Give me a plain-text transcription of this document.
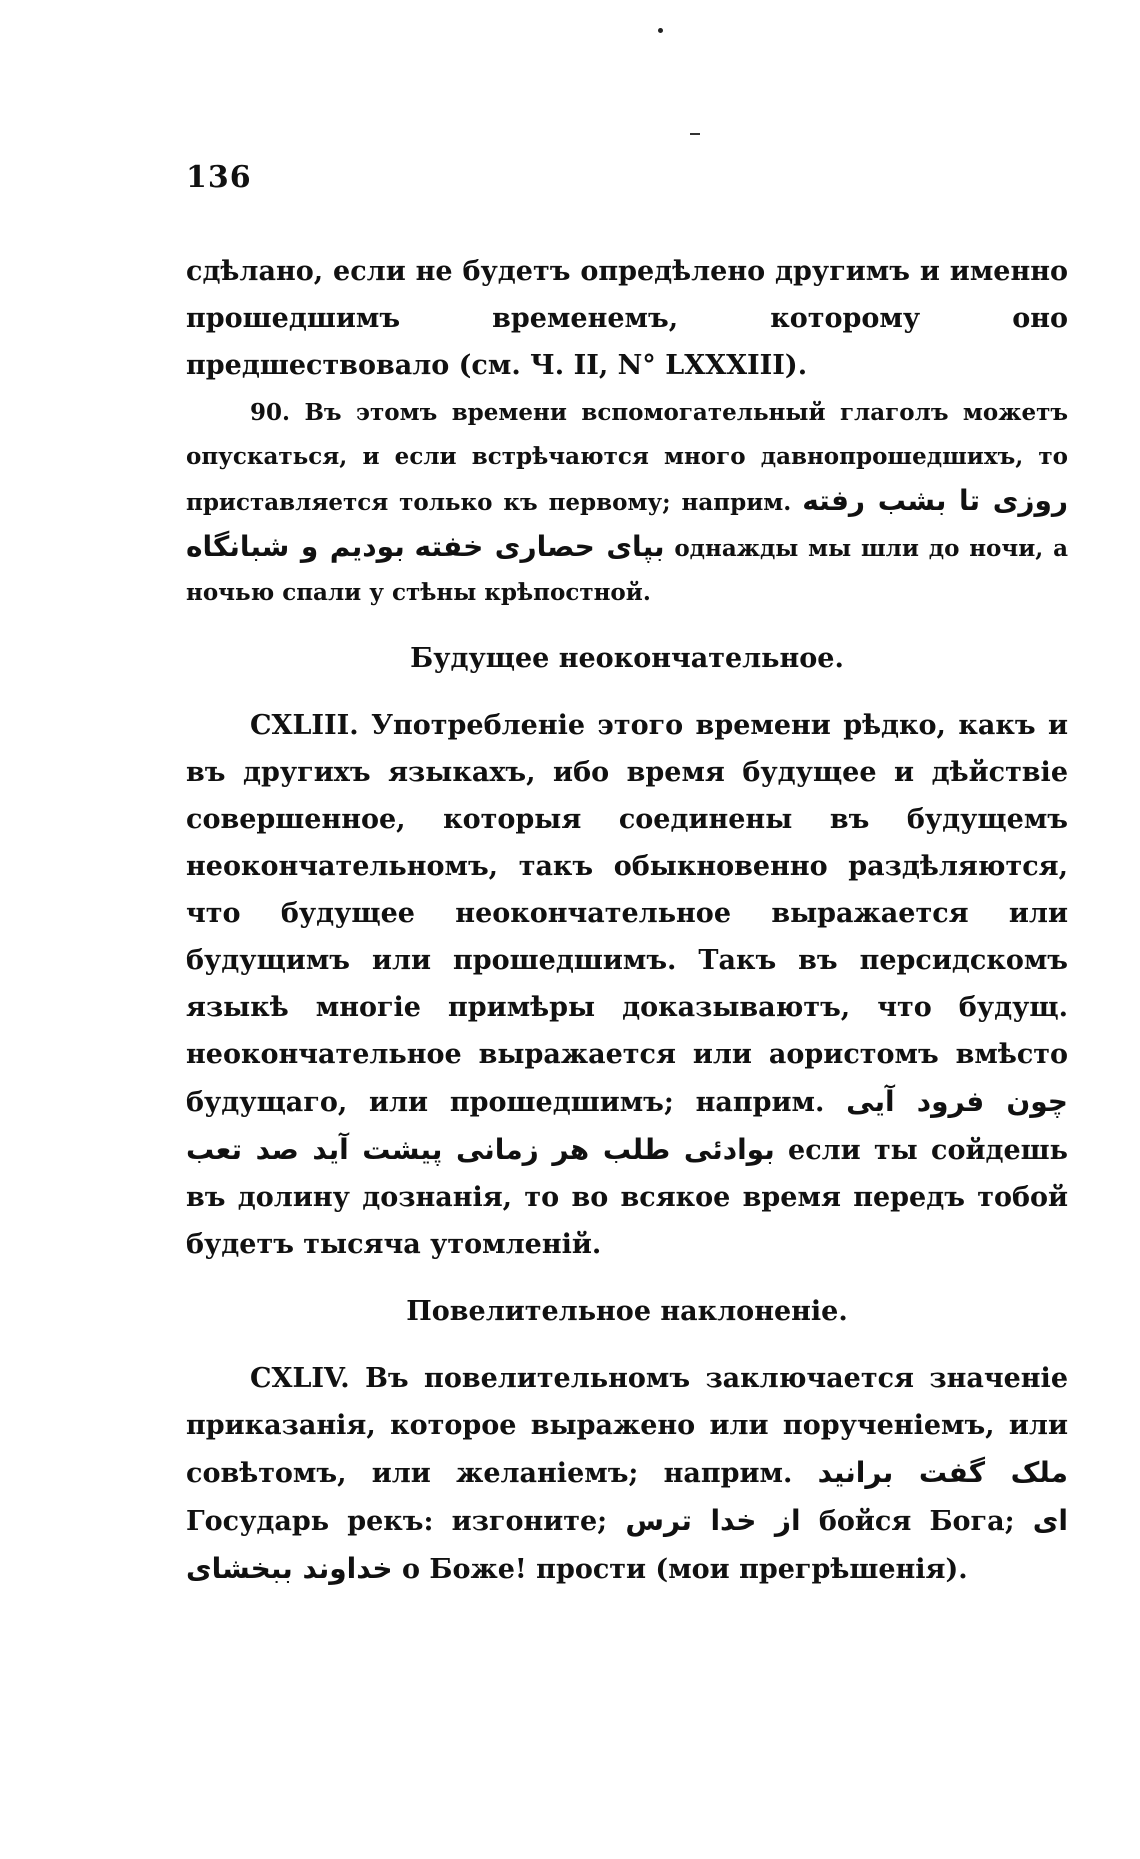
136

сдѣлано, если не будетъ опредѣлено другимъ и именно прошедшимъ временемъ, которому оно предшествовало (см. Ч. II, N° LXXXIII).

90. Въ этомъ времени вспомогательный глаголъ можетъ опускаться, и если встрѣчаются много давнопрошедшихъ, то приставляется только къ первому; наприм. روزی تا بشب رفته بودیم و شبانگاه بپای حصاری خفته однажды мы шли до ночи, а ночью спали у стѣны крѣпостной.

Будущее неокончательное.

CXLIII. Употребленіе этого времени рѣдко, какъ и въ другихъ языкахъ, ибо время будущее и дѣйствіе совершенное, которыя соединены въ будущемъ неокончательномъ, такъ обыкновенно раздѣляются, что будущее неокончательное выражается или будущимъ или прошедшимъ. Такъ въ персидскомъ языкѣ многіе примѣры доказываютъ, что будущ. неокончательное выражается или аористомъ вмѣсто будущаго, или прошедшимъ; наприм. چون فرود آیی بوادئی طلب هر زمانی پیشت آید صد تعب если ты сойдешь въ долину дознанія, то во всякое время передъ тобой будетъ тысяча утомленій.

Повелительное наклоненіе.

CXLIV. Въ повелительномъ заключается значеніе приказанія, которое выражено или порученіемъ, или совѣтомъ, или желаніемъ; наприм. ملک گفت برانید Государь рекъ: изгоните; از خدا ترس бойся Бога; ای خداوند ببخشای о Боже! прости (мои прегрѣшенія).
